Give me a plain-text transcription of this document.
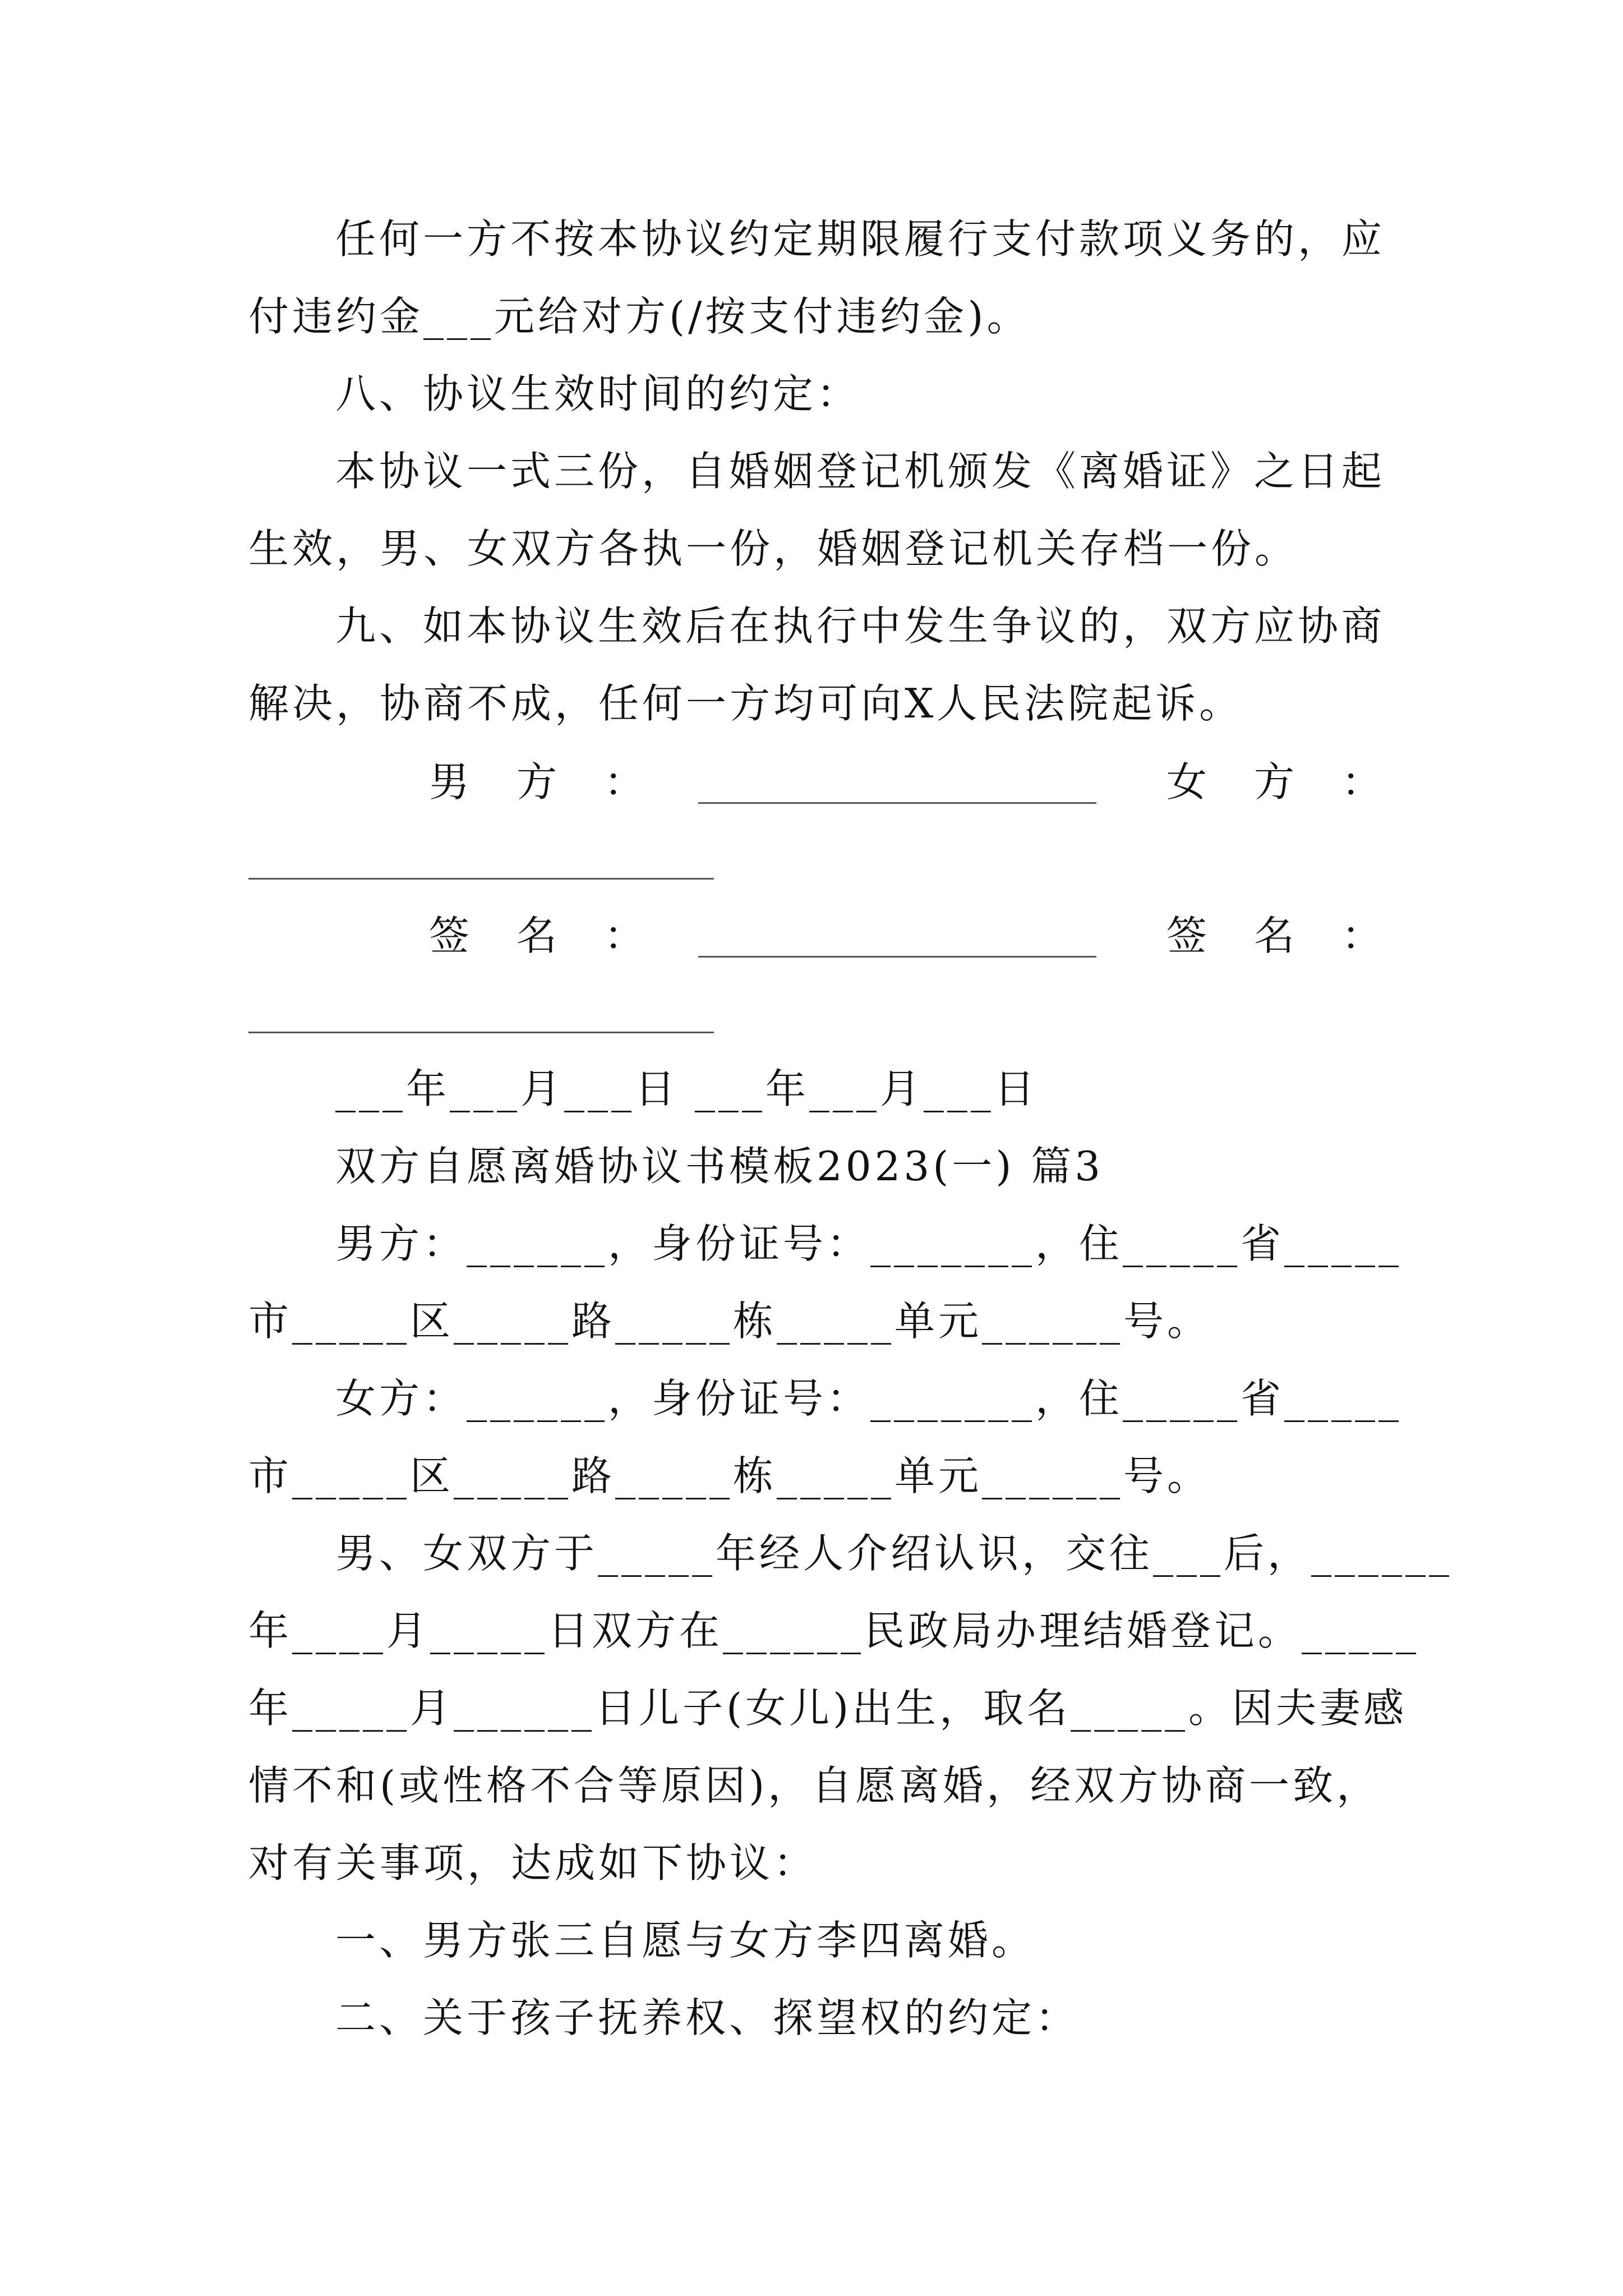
任何一方不按本协议约定期限履行支付款项义务的，应
付违约金___元给对方(/按支付违约金)。
八、协议生效时间的约定：
本协议一式三份，自婚姻登记机颁发《离婚证》之日起
生效，男、女双方各执一份，婚姻登记机关存档一份。
九、如本协议生效后在执行中发生争议的，双方应协商
解决，协商不成，任何一方均可向X人民法院起诉。
男　方　：	女　方　：
签　名　：	签　名　：
___年___月___日 ___年___月___日
双方自愿离婚协议书模板2023(一) 篇3
男方：______，身份证号：_______，住_____省_____
市_____区_____路_____栋_____单元______号。
女方：______，身份证号：_______，住_____省_____
市_____区_____路_____栋_____单元______号。
男、女双方于_____年经人介绍认识，交往___后，______
年____月_____日双方在______民政局办理结婚登记。_____
年_____月______日儿子(女儿)出生，取名_____。因夫妻感
情不和(或性格不合等原因)，自愿离婚，经双方协商一致，
对有关事项，达成如下协议：
一、男方张三自愿与女方李四离婚。
二、关于孩子抚养权、探望权的约定：
